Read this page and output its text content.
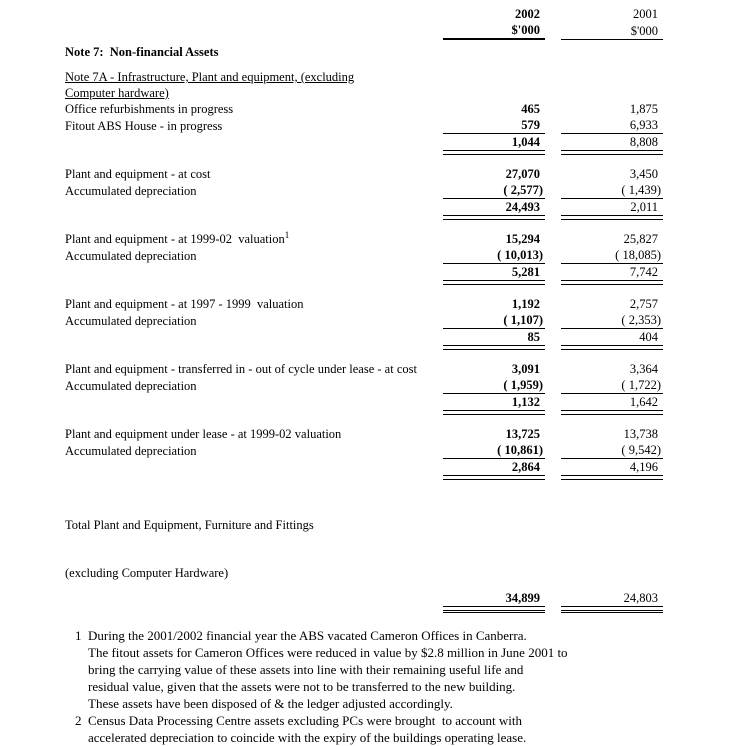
2002	2001
$'000	$'000
Note 7:  Non-financial Assets
Note 7A - Infrastructure, Plant and equipment, (excluding
Computer hardware)
Office refurbishments in progress	465	1,875
Fitout ABS House - in progress	579	6,933
1,044	8,808
Plant and equipment - at cost	27,070	3,450
Accumulated depreciation	( 2,577)	( 1,439)
24,493	2,011
Plant and equipment - at 1999-02  valuation$^1$	15,294	25,827
Accumulated depreciation	( 10,013)	( 18,085)
5,281	7,742
Plant and equipment - at 1997 - 1999  valuation	1,192	2,757
Accumulated depreciation	( 1,107)	( 2,353)
85	404
Plant and equipment - transferred in - out of cycle under lease - at cost	3,091	3,364
Accumulated depreciation	( 1,959)	( 1,722)
1,132	1,642
Plant and equipment under lease - at 1999-02 valuation	13,725	13,738
Accumulated depreciation	( 10,861)	( 9,542)
2,864	4,196

Total Plant and Equipment, Furniture and Fittings

(excluding Computer Hardware)

34,899	24,803
1 During the 2001/2002 financial year the ABS vacated Cameron Offices in Canberra.
The fitout assets for Cameron Offices were reduced in value by $2.8 million in June 2001 to
bring the carrying value of these assets into line with their remaining useful life and
residual value, given that the assets were not to be transferred to the new building.
These assets have been disposed of & the ledger adjusted accordingly.
2 Census Data Processing Centre assets excluding PCs were brought  to account with
accelerated depreciation to coincide with the expiry of the buildings operating lease.
